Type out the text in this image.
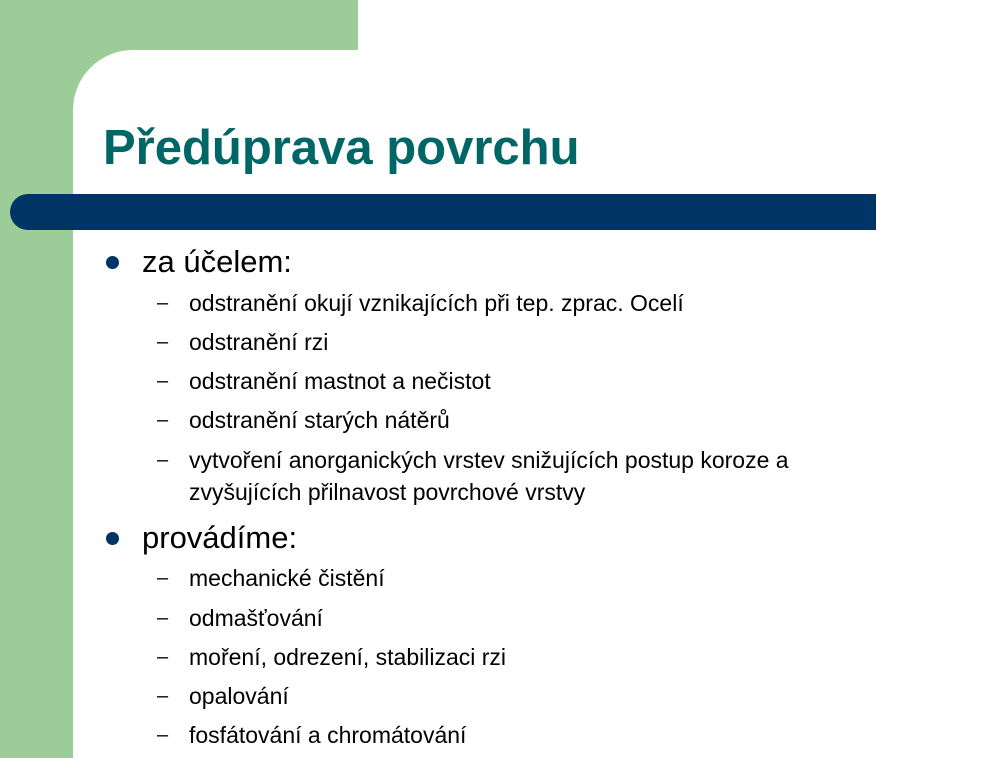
Předúprava povrchu
za účelem:
– odstranění okují vznikajících při tep. zprac. Ocelí
– odstranění rzi
– odstranění mastnot a nečistot
– odstranění starých nátěrů
– vytvoření anorganických vrstev snižujících postup koroze a
zvyšujících přilnavost povrchové vrstvy
provádíme:
– mechanické čistění
– odmašťování
– moření, odrezení, stabilizaci rzi
– opalování
– fosfátování a chromátování
